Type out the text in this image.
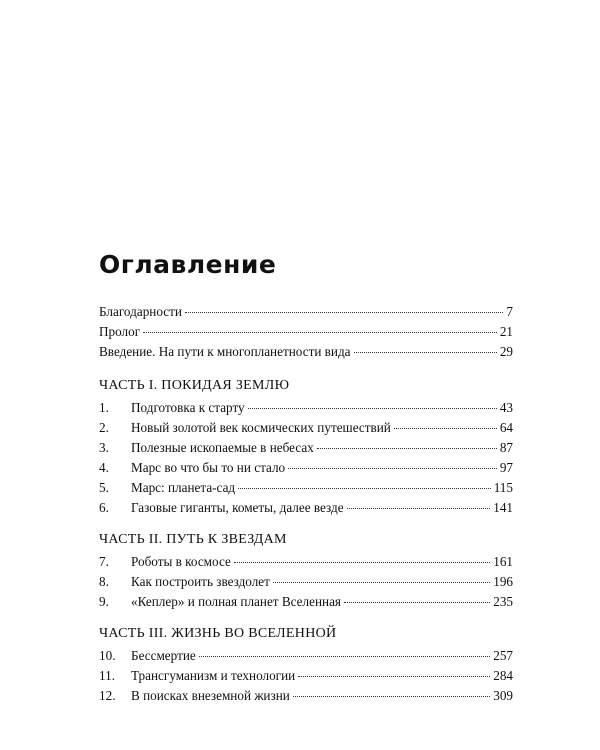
Оглавление
Благодарности	7
Пролог	21
Введение. На пути к многопланетности вида	29
ЧАСТЬ I. ПОКИДАЯ ЗЕМЛЮ
1.	Подготовка к старту	43
2.	Новый золотой век космических путешествий	64
3.	Полезные ископаемые в небесах	87
4.	Марс во что бы то ни стало	97
5.	Марс: планета-сад	115
6.	Газовые гиганты, кометы, далее везде	141
ЧАСТЬ II. ПУТЬ К ЗВЕЗДАМ
7.	Роботы в космосе	161
8.	Как построить звездолет	196
9.	«Кеплер» и полная планет Вселенная	235
ЧАСТЬ III. ЖИЗНЬ ВО ВСЕЛЕННОЙ
10.	Бессмертие	257
11.	Трансгуманизм и технологии	284
12.	В поисках внеземной жизни	309
